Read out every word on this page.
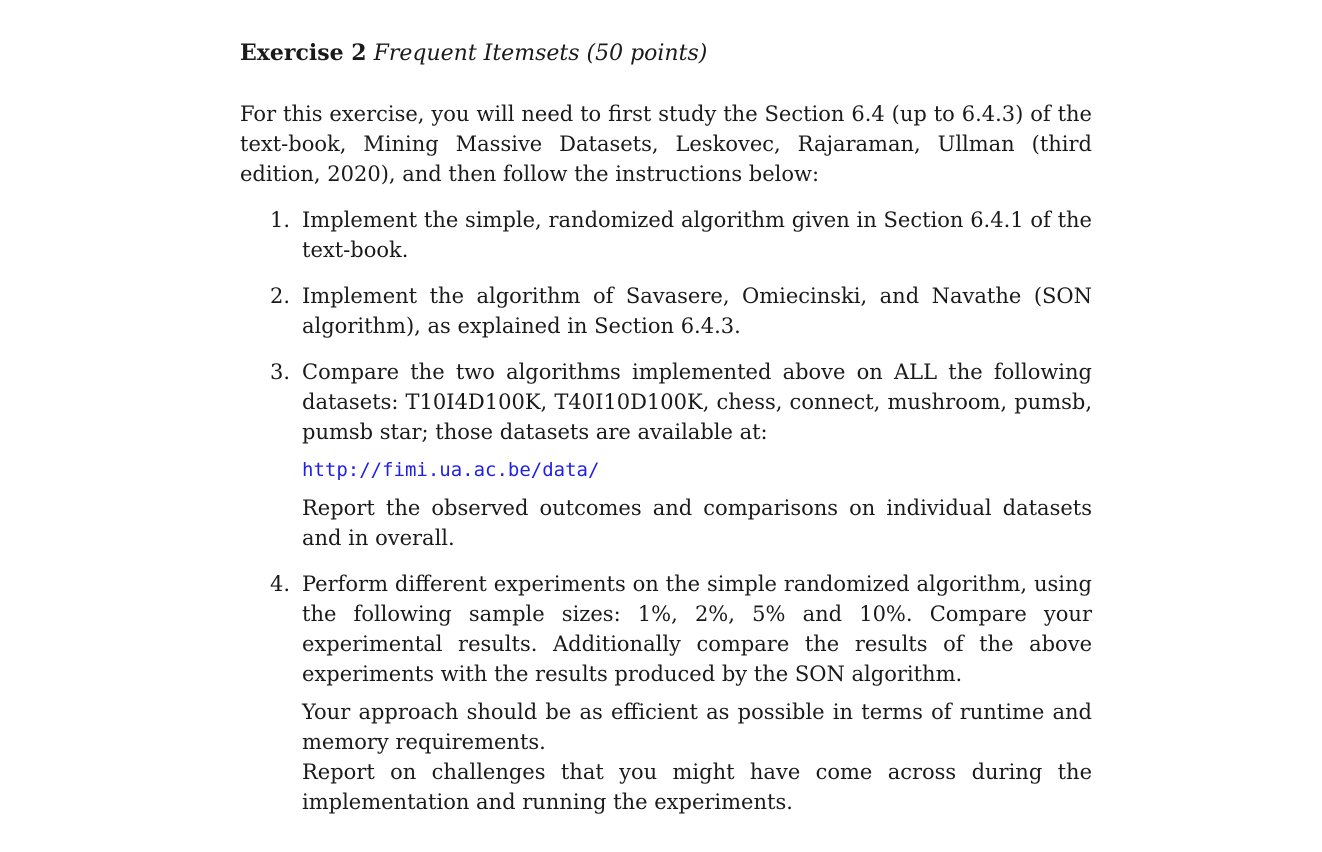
Exercise 2 Frequent Itemsets (50 points)

For this exercise, you will need to first study the Section 6.4 (up to 6.4.3) of the text-book, Mining Massive Datasets, Leskovec, Rajaraman, Ullman (third edition, 2020), and then follow the instructions below:

1. Implement the simple, randomized algorithm given in Section 6.4.1 of the text-book.

2. Implement the algorithm of Savasere, Omiecinski, and Navathe (SON algorithm), as explained in Section 6.4.3.

3. Compare the two algorithms implemented above on ALL the following datasets: T10I4D100K, T40I10D100K, chess, connect, mushroom, pumsb, pumsb star; those datasets are available at:

http://fimi.ua.ac.be/data/

Report the observed outcomes and comparisons on individual datasets and in overall.

4. Perform different experiments on the simple randomized algorithm, using the following sample sizes: 1%, 2%, 5% and 10%. Compare your experimental results. Additionally compare the results of the above experiments with the results produced by the SON algorithm.

Your approach should be as efficient as possible in terms of runtime and memory requirements.

Report on challenges that you might have come across during the implementation and running the experiments.
